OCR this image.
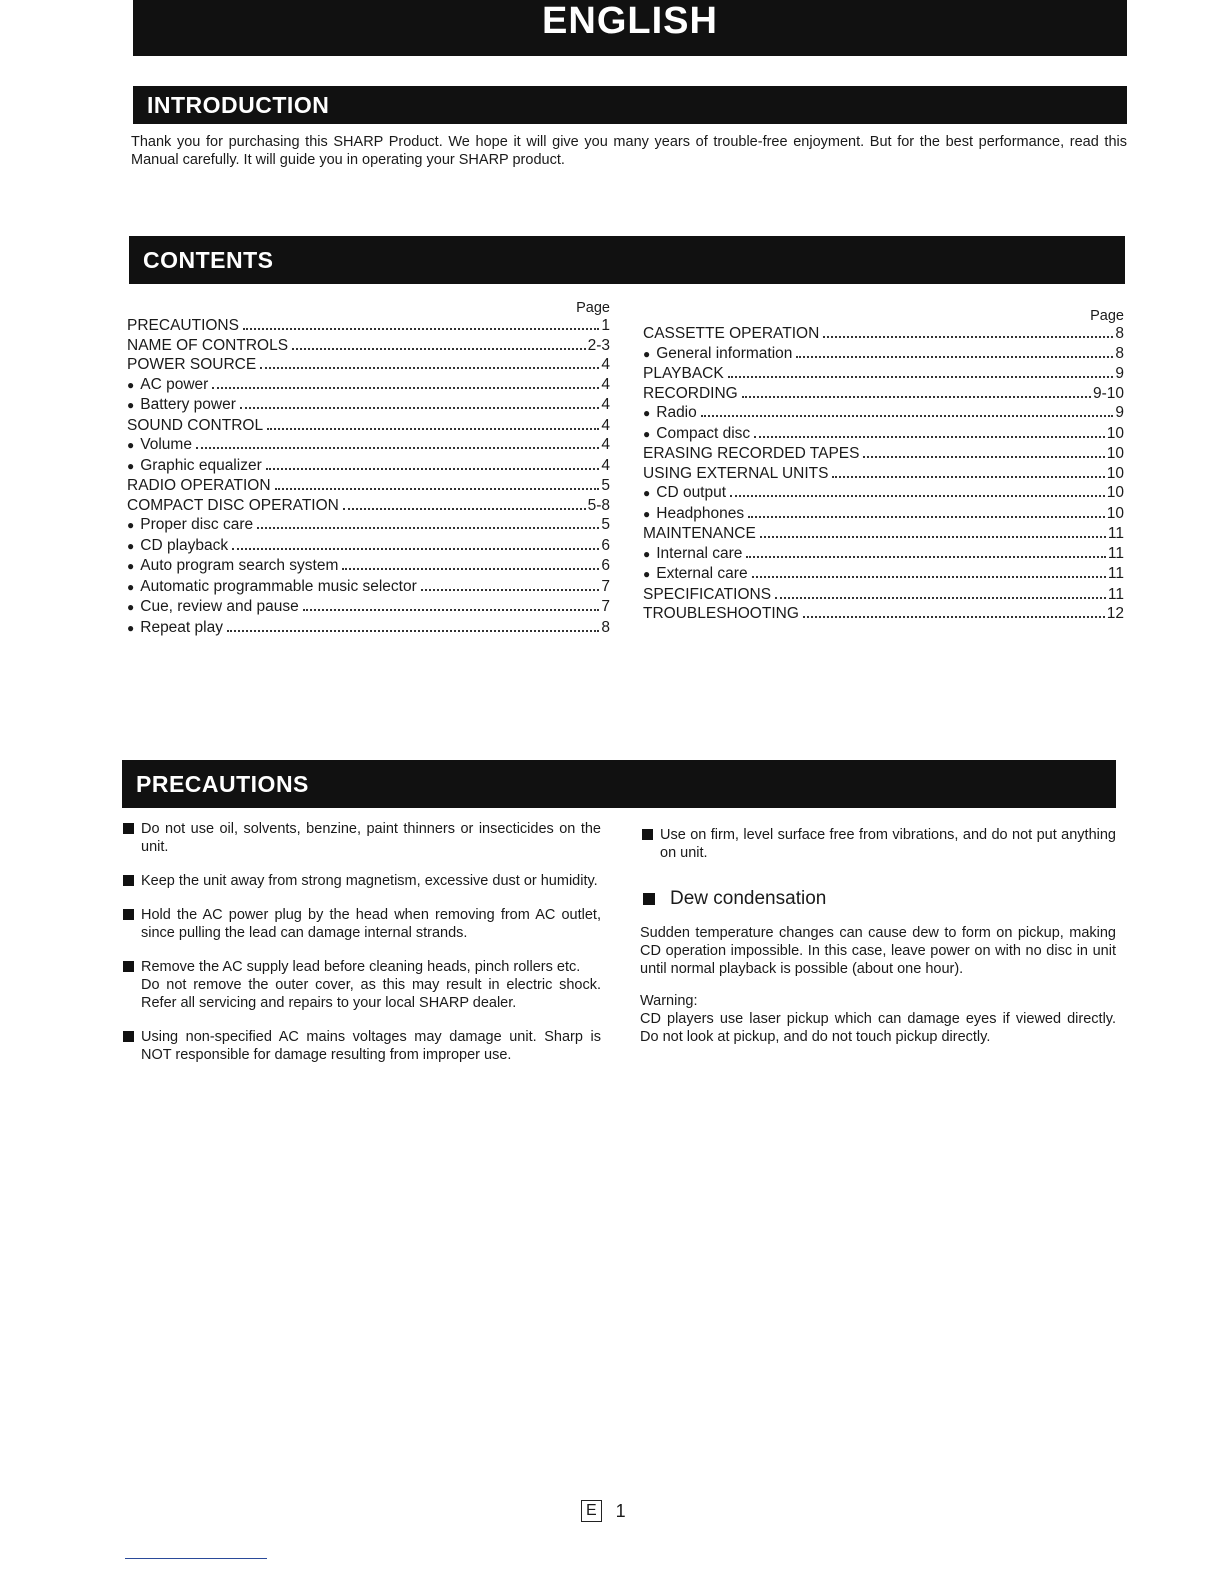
ENGLISH
INTRODUCTION

Thank you for purchasing this SHARP Product. We hope it will give you many years of trouble-free enjoyment. But for the best performance, read this Manual carefully. It will guide you in operating your SHARP product.

CONTENTS
Page
PRECAUTIONS	1
NAME OF CONTROLS	2-3
POWER SOURCE	4
● AC power	4
● Battery power	4
SOUND CONTROL	4
● Volume	4
● Graphic equalizer	4
RADIO OPERATION	5
COMPACT DISC OPERATION	5-8
● Proper disc care	5
● CD playback	6
● Auto program search system	6
● Automatic programmable music selector	7
● Cue, review and pause	7
● Repeat play	8
Page
CASSETTE OPERATION	8
● General information	8
PLAYBACK	9
RECORDING	9-10
● Radio	9
● Compact disc	10
ERASING RECORDED TAPES	10
USING EXTERNAL UNITS	10
● CD output	10
● Headphones	10
MAINTENANCE	11
● Internal care	11
● External care	11
SPECIFICATIONS	11
TROUBLESHOOTING	12
PRECAUTIONS

Do not use oil, solvents, benzine, paint thinners or insecticides on the unit.

Keep the unit away from strong magnetism, excessive dust or humidity.

Hold the AC power plug by the head when removing from AC outlet, since pulling the lead can damage internal strands.

Remove the AC supply lead before cleaning heads, pinch rollers etc.

Do not remove the outer cover, as this may result in electric shock. Refer all servicing and repairs to your local SHARP dealer.

Using non-specified AC mains voltages may damage unit. Sharp is NOT responsible for damage resulting from improper use.

Use on firm, level surface free from vibrations, and do not put anything on unit.

Dew condensation

Sudden temperature changes can cause dew to form on pickup, making CD operation impossible. In this case, leave power on with no disc in unit until normal playback is possible (about one hour).

Warning:

CD players use laser pickup which can damage eyes if viewed directly. Do not look at pickup, and do not touch pickup directly.

E 1
